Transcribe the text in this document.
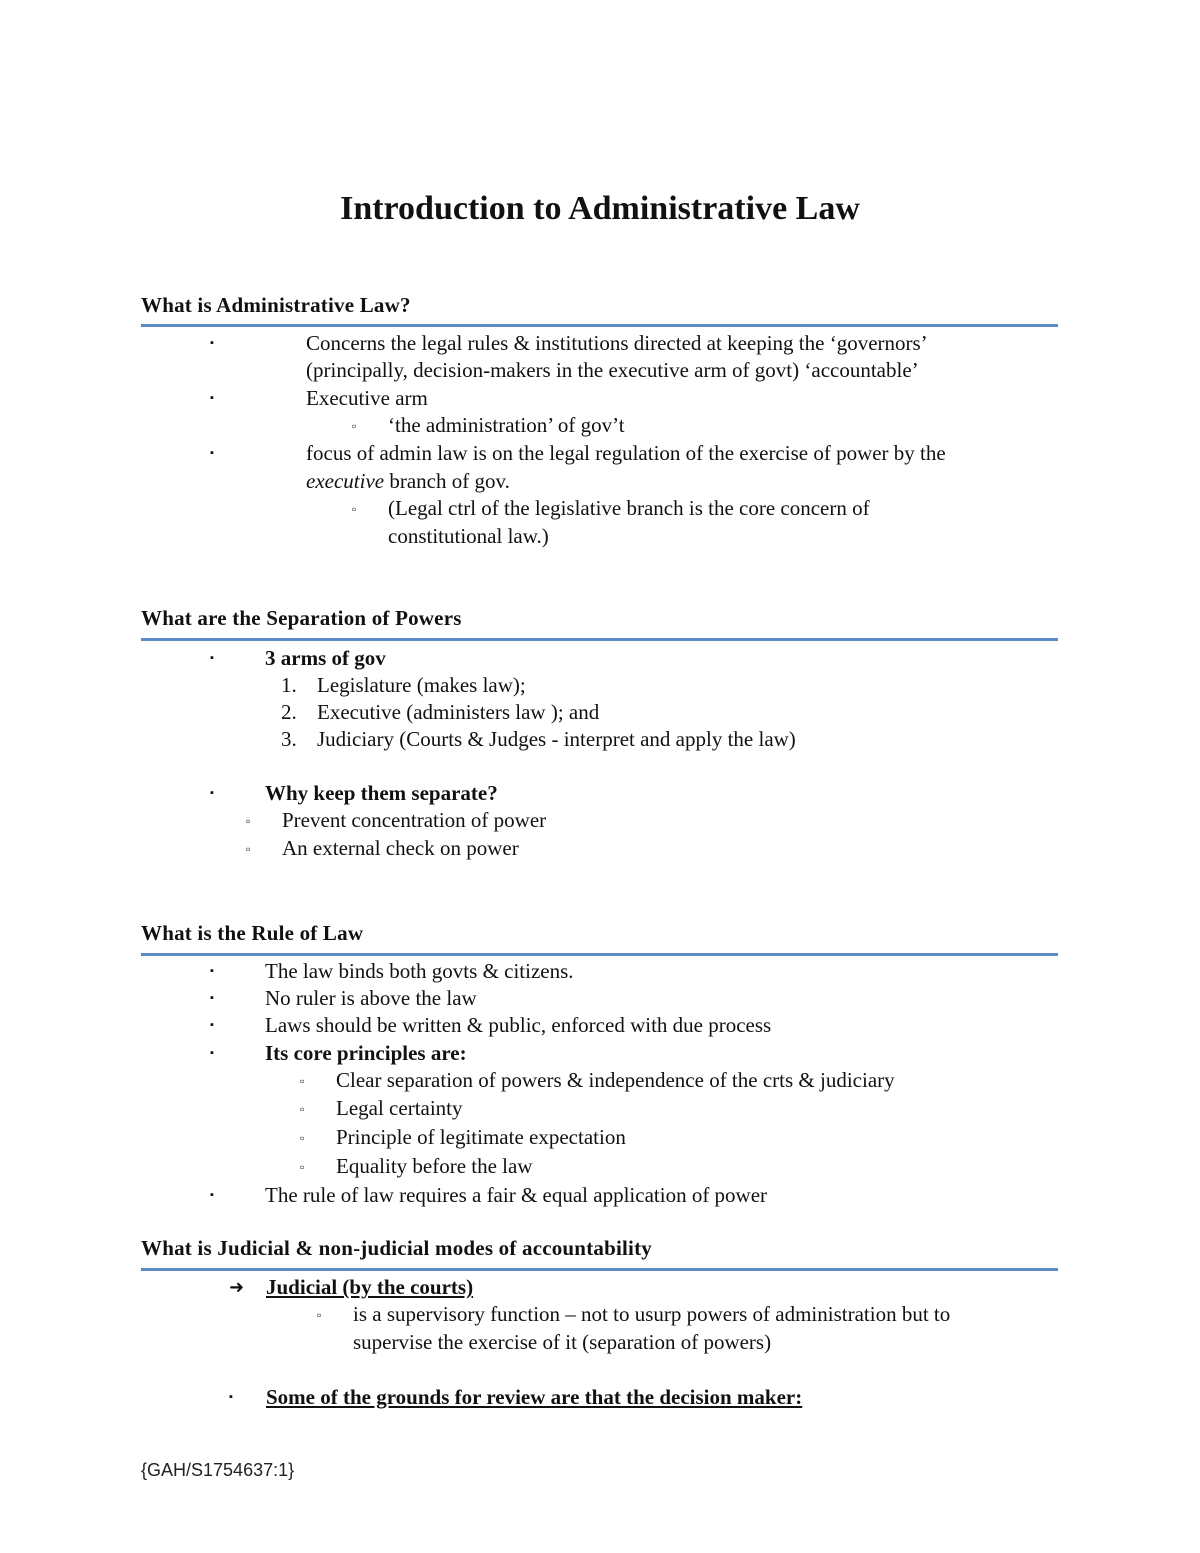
Introduction to Administrative Law
What is Administrative Law?
▪	Concerns the legal rules & institutions directed at keeping the ‘governors’
(principally, decision-makers in the executive arm of govt) ‘accountable’
▪	Executive arm
▫ ‘the administration’ of gov’t
▪	focus of admin law is on the legal regulation of the exercise of power by the
executive branch of gov.
▫ (Legal ctrl of the legislative branch is the core concern of
constitutional law.)
What are the Separation of Powers
▪ 3 arms of gov
1. Legislature (makes law);
2. Executive (administers law ); and
3. Judiciary (Courts & Judges - interpret and apply the law)
▪ Why keep them separate?
▫ Prevent concentration of power
▫ An external check on power
What is the Rule of Law
▪ The law binds both govts & citizens.
▪ No ruler is above the law
▪ Laws should be written & public, enforced with due process
▪ Its core principles are:
▫ Clear separation of powers & independence of the crts & judiciary
▫ Legal certainty
▫ Principle of legitimate expectation
▫ Equality before the law
▪ The rule of law requires a fair & equal application of power
What is Judicial & non-judicial modes of accountability
➜ Judicial (by the courts)
▫ is a supervisory function – not to usurp powers of administration but to
supervise the exercise of it (separation of powers)
▪ Some of the grounds for review are that the decision maker:
{GAH/S1754637:1}
